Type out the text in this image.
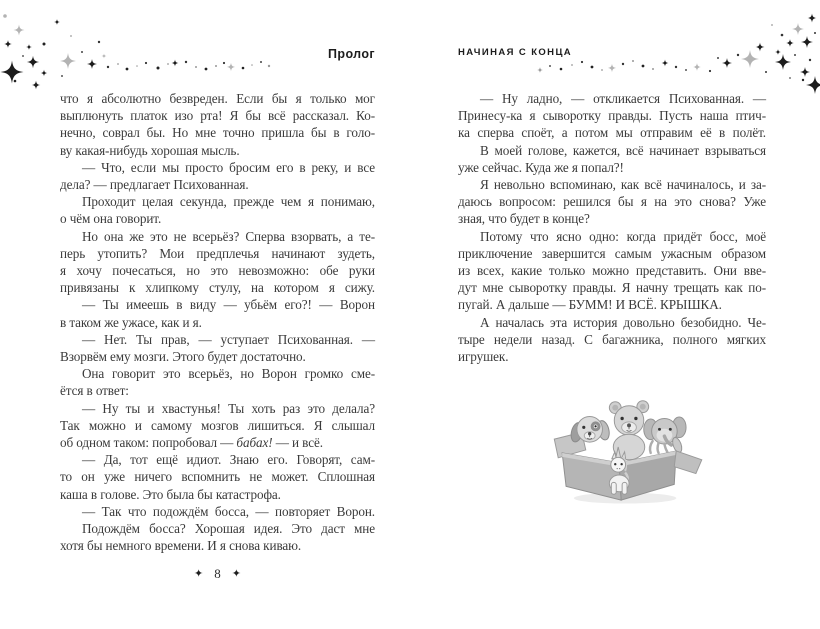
Пролог	НАЧИНАЯ С КОНЦА
что я абсолютно безвреден. Если бы я только мог
выплюнуть платок изо рта! Я бы всё рассказал. Ко-
нечно, соврал бы. Но мне точно пришла бы в голо-
ву какая-нибудь хорошая мысль.
— Что, если мы просто бросим его в реку, и все
дела? — предлагает Психованная.
Проходит целая секунда, прежде чем я понимаю,
о чём она говорит.
Но она же это не всерьёз? Сперва взорвать, а те-
перь утопить? Мои предплечья начинают зудеть,
я хочу почесаться, но это невозможно: обе руки
привязаны к хлипкому стулу, на котором я сижу.
— Ты имеешь в виду — убьём его?! — Ворон
в таком же ужасе, как и я.
— Нет. Ты прав, — уступает Психованная. —
Взорвём ему мозги. Этого будет достаточно.
Она говорит это всерьёз, но Ворон громко сме-
ётся в ответ:
— Ну ты и хвастунья! Ты хоть раз это делала?
Так можно и самому мозгов лишиться. Я слышал
об одном таком: попробовал — бабах! — и всё.
— Да, тот ещё идиот. Знаю его. Говорят, сам-
то он уже ничего вспомнить не может. Сплошная
каша в голове. Это была бы катастрофа.
— Так что подождём босса, — повторяет Ворон.
Подождём босса? Хорошая идея. Это даст мне
хотя бы немного времени. И я снова киваю.
— Ну ладно, — откликается Психованная. —
Принесу-ка я сыворотку правды. Пусть наша птич-
ка сперва споёт, а потом мы отправим её в полёт.
В моей голове, кажется, всё начинает взрываться
уже сейчас. Куда же я попал?!
Я невольно вспоминаю, как всё начиналось, и за-
даюсь вопросом: решился бы я на это снова? Уже
зная, что будет в конце?
Потому что ясно одно: когда придёт босс, моё
приключение завершится самым ужасным образом
из всех, какие только можно представить. Они вве-
дут мне сыворотку правды. Я начну трещать как по-
пугай. А дальше — БУММ! И ВСЁ. КРЫШКА.
А началась эта история довольно безобидно. Че-
тыре недели назад. С багажника, полного мягких
игрушек.
✦ 8 ✦
